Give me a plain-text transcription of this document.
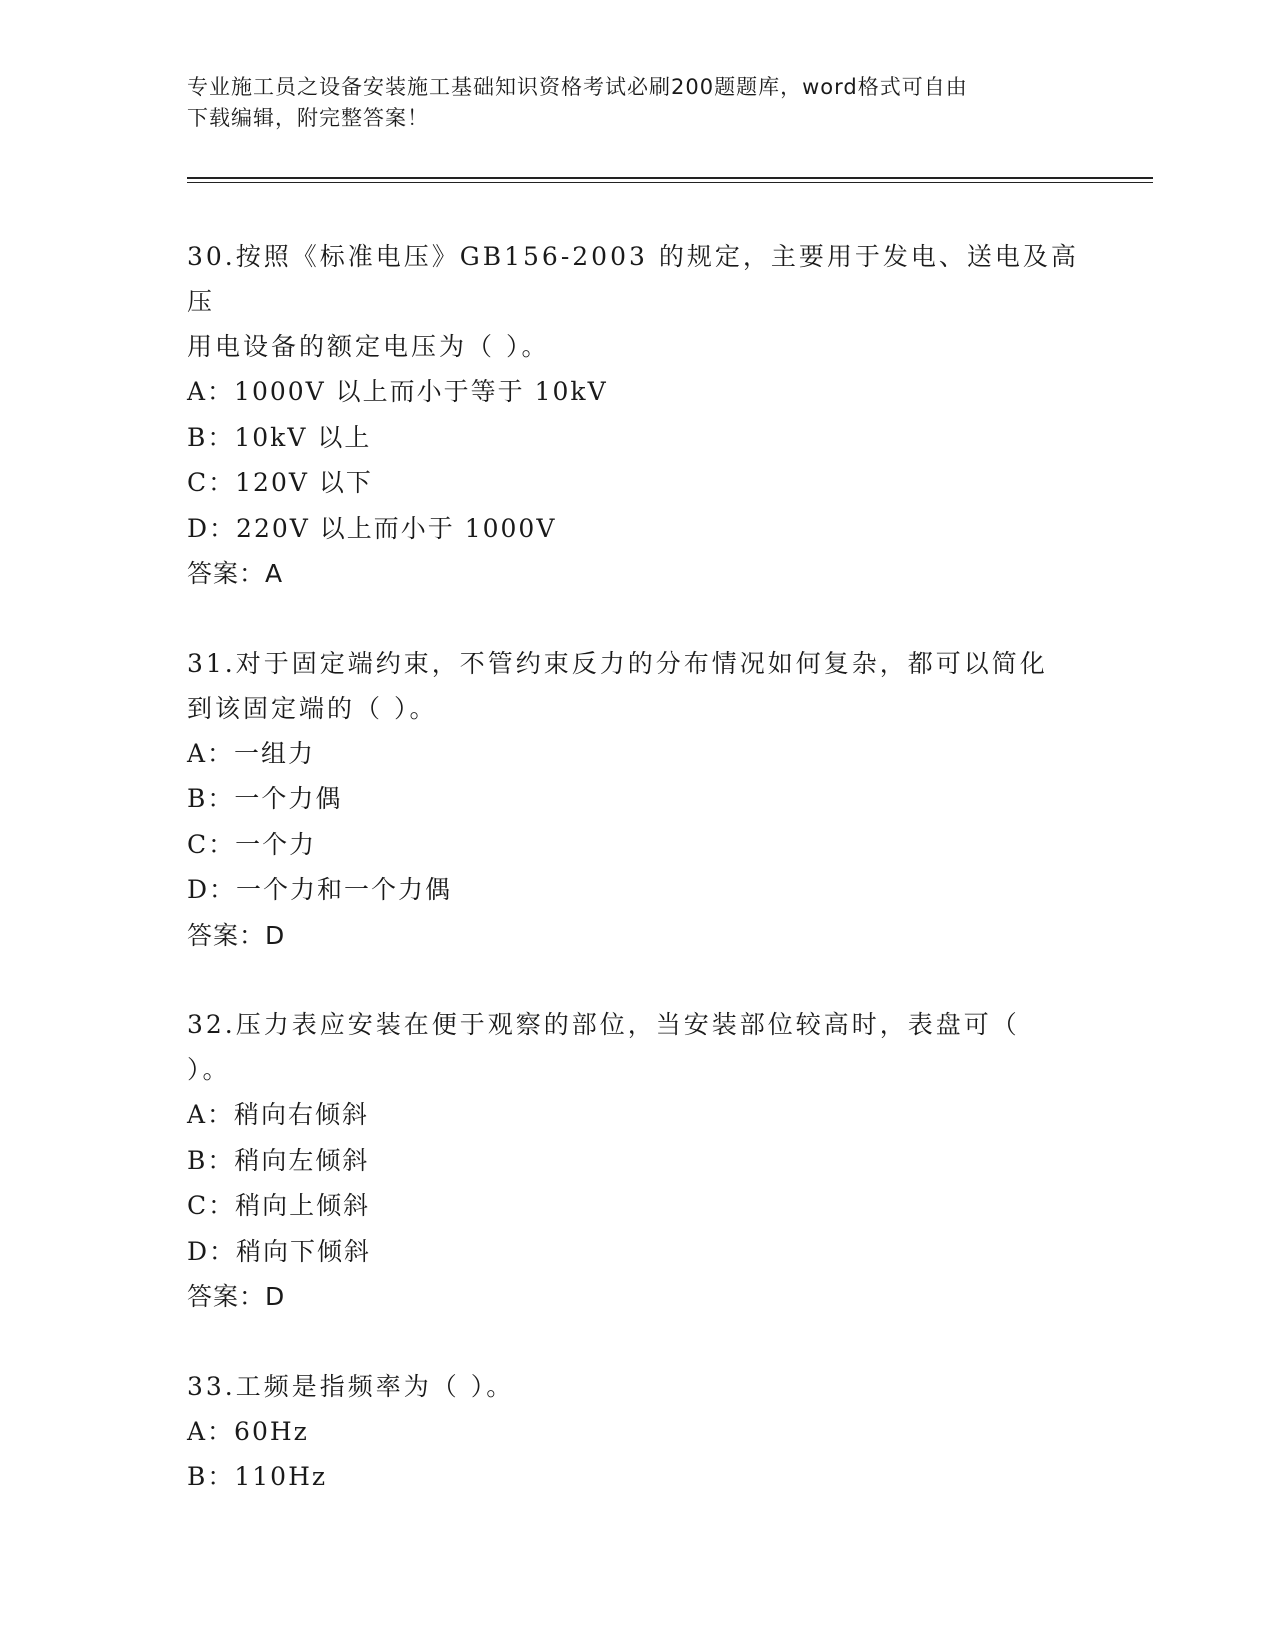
专业施工员之设备安装施工基础知识资格考试必刷200题题库，word格式可自由
下载编辑，附完整答案！

30.按照《标准电压》GB156-2003 的规定，主要用于发电、送电及高压
用电设备的额定电压为（ ）。

A：1000V 以上而小于等于 10kV

B：10kV 以上

C：120V 以下

D：220V 以上而小于 1000V

答案：A

31.对于固定端约束，不管约束反力的分布情况如何复杂，都可以简化
到该固定端的（ ）。

A：一组力

B：一个力偶

C：一个力

D：一个力和一个力偶

答案：D

32.压力表应安装在便于观察的部位，当安装部位较高时，表盘可（
）。

A：稍向右倾斜

B：稍向左倾斜

C：稍向上倾斜

D：稍向下倾斜

答案：D

33.工频是指频率为（ ）。

A：60Hz

B：110Hz
